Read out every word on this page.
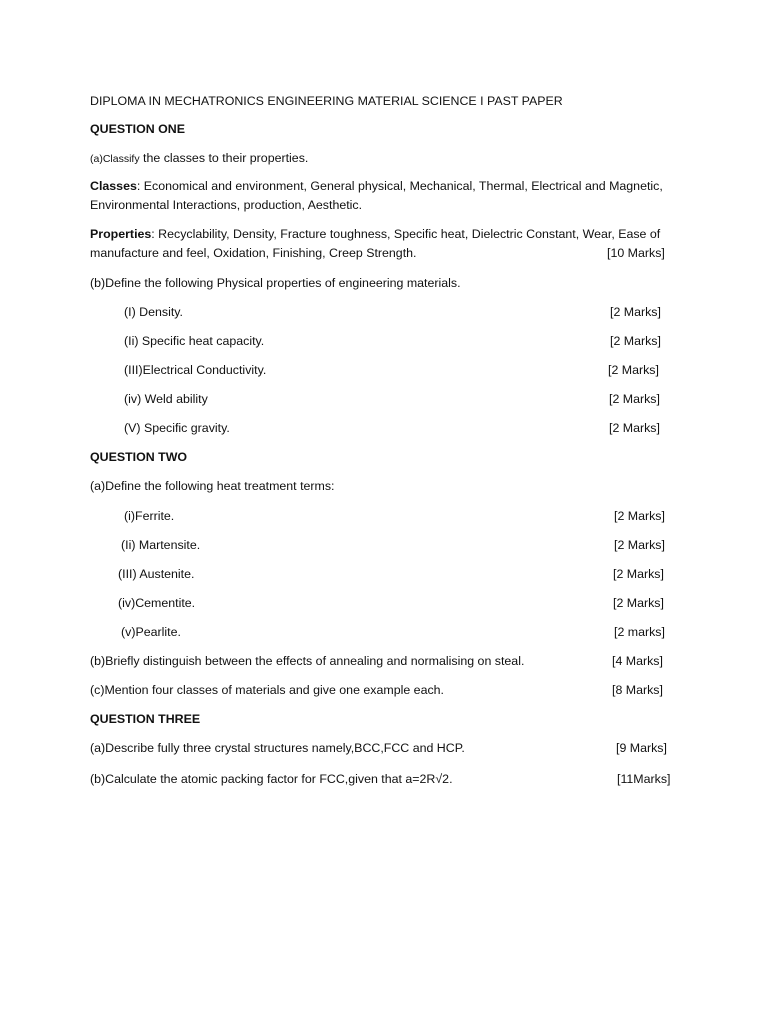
DIPLOMA IN MECHATRONICS ENGINEERING MATERIAL SCIENCE I PAST PAPER
QUESTION ONE
(a)Classify the classes to their properties.
Classes: Economical and environment, General physical, Mechanical, Thermal, Electrical and Magnetic, Environmental Interactions, production, Aesthetic.
Properties: Recyclability, Density, Fracture toughness, Specific heat, Dielectric Constant, Wear, Ease of manufacture and feel, Oxidation, Finishing, Creep Strength.	[10 Marks]
(b)Define the following Physical properties of engineering materials.
(I) Density.	[2 Marks]
(Ii) Specific heat capacity.	[2 Marks]
(III)Electrical Conductivity.	[2 Marks]
(iv) Weld ability	[2 Marks]
(V) Specific gravity.	[2 Marks]
QUESTION TWO
(a)Define the following heat treatment terms:
(i)Ferrite.	[2 Marks]
(Ii) Martensite.	[2 Marks]
(III) Austenite.	[2 Marks]
(iv)Cementite.	[2 Marks]
(v)Pearlite.	[2 marks]
(b)Briefly distinguish between the effects of annealing and normalising on steal.	[4 Marks]
(c)Mention four classes of materials and give one example each.	[8 Marks]
QUESTION THREE
(a)Describe fully three crystal structures namely,BCC,FCC and HCP.	[9 Marks]
(b)Calculate the atomic packing factor for FCC,given that a=2R√2.	[11Marks]
